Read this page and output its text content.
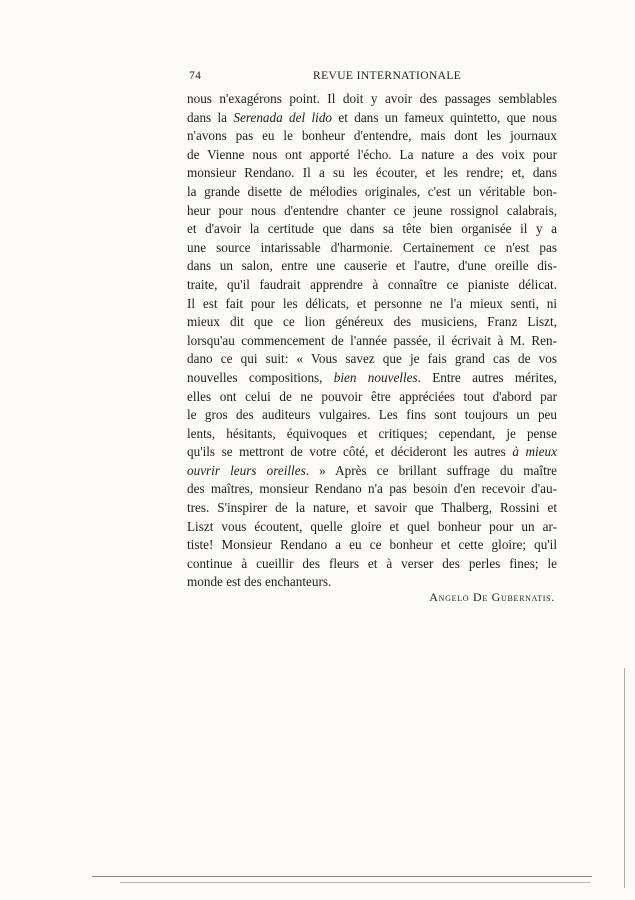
74	REVUE INTERNATIONALE
nous n'exagérons point. Il doit y avoir des passages semblables
dans la Serenada del lido et dans un fameux quintetto, que nous
n'avons pas eu le bonheur d'entendre, mais dont les journaux
de Vienne nous ont apporté l'écho. La nature a des voix pour
monsieur Rendano. Il a su les écouter, et les rendre; et, dans
la grande disette de mélodies originales, c'est un véritable bon-
heur pour nous d'entendre chanter ce jeune rossignol calabrais,
et d'avoir la certitude que dans sa tête bien organisée il y a
une source intarissable d'harmonie. Certainement ce n'est pas
dans un salon, entre une causerie et l'autre, d'une oreille dis-
traite, qu'il faudrait apprendre à connaître ce pianiste délicat.
Il est fait pour les délicats, et personne ne l'a mieux senti, ni
mieux dit que ce lion généreux des musiciens, Franz Liszt,
lorsqu'au commencement de l'année passée, il écrivait à M. Ren-
dano ce qui suit: « Vous savez que je fais grand cas de vos
nouvelles compositions, bien nouvelles. Entre autres mérites,
elles ont celui de ne pouvoir être appréciées tout d'abord par
le gros des auditeurs vulgaires. Les fins sont toujours un peu
lents, hésitants, équivoques et critiques; cependant, je pense
qu'ils se mettront de votre côté, et décideront les autres à mieux
ouvrir leurs oreilles. » Après ce brillant suffrage du maître
des maîtres, monsieur Rendano n'a pas besoin d'en recevoir d'au-
tres. S'inspirer de la nature, et savoir que Thalberg, Rossini et
Liszt vous écoutent, quelle gloire et quel bonheur pour un ar-
tiste! Monsieur Rendano a eu ce bonheur et cette gloire; qu'il
continue à cueillir des fleurs et à verser des perles fines; le
monde est des enchanteurs.
Angelo De Gubernatis.
